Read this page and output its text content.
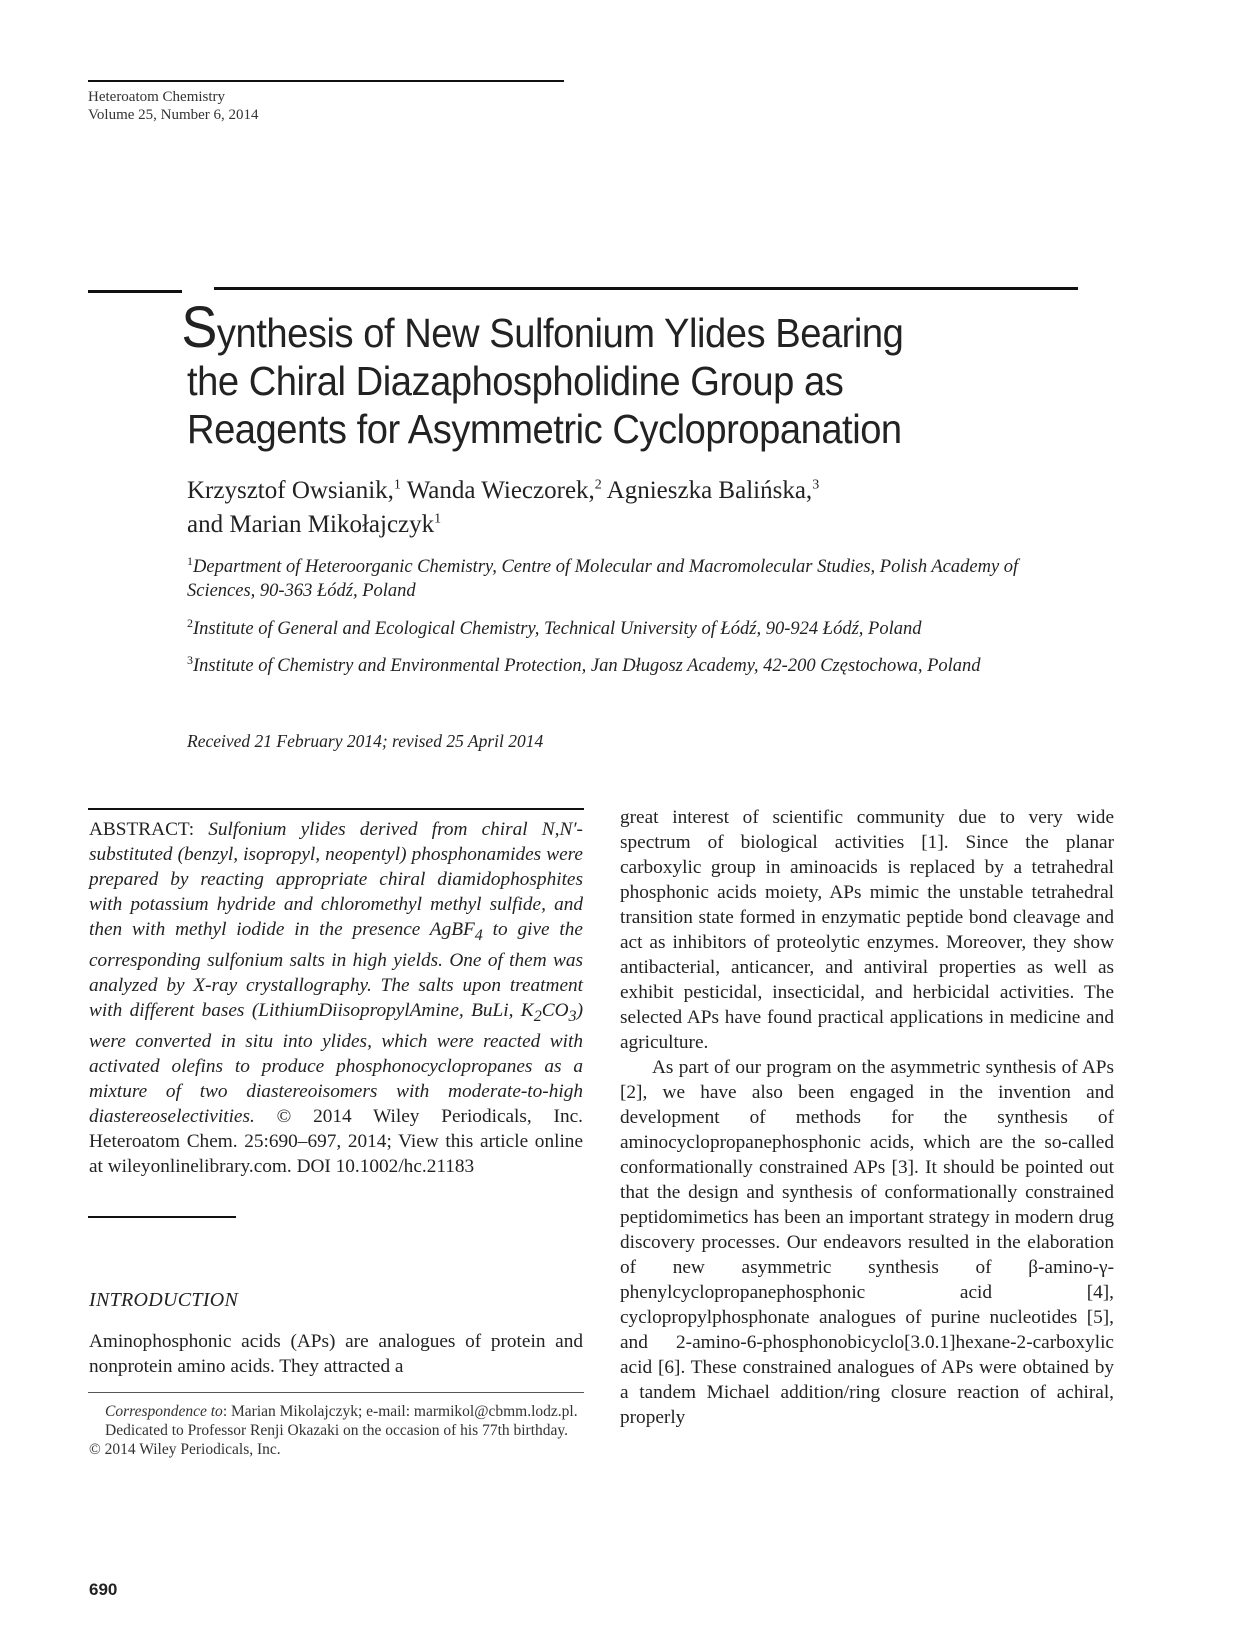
Heteroatom Chemistry
Volume 25, Number 6, 2014
Synthesis of New Sulfonium Ylides Bearing
the Chiral Diazaphospholidine Group as
Reagents for Asymmetric Cyclopropanation
Krzysztof Owsianik,$^1$ Wanda Wieczorek,$^2$ Agnieszka Balińska,$^3$
and Marian Mikołajczyk$^1$
$^1$Department of Heteroorganic Chemistry, Centre of Molecular and Macromolecular Studies, Polish Academy of Sciences, 90-363 Łódź, Poland
$^2$Institute of General and Ecological Chemistry, Technical University of Łódź, 90-924 Łódź, Poland
$^3$Institute of Chemistry and Environmental Protection, Jan Długosz Academy, 42-200 Częstochowa, Poland
Received 21 February 2014; revised 25 April 2014
ABSTRACT: Sulfonium ylides derived from chiral N,N′-substituted (benzyl, isopropyl, neopentyl) phosphonamides were prepared by reacting appropriate chiral diamidophosphites with potassium hydride and chloromethyl methyl sulfide, and then with methyl iodide in the presence AgBF$_4$ to give the corresponding sulfonium salts in high yields. One of them was analyzed by X-ray crystallography. The salts upon treatment with different bases (LithiumDiisopropylAmine, BuLi, $K_2CO_3$) were converted in situ into ylides, which were reacted with activated olefins to produce phosphonocyclopropanes as a mixture of two diastereoisomers with moderate-to-high diastereoselectivities. © 2014 Wiley Periodicals, Inc. Heteroatom Chem. 25:690–697, 2014; View this article online at wileyonlinelibrary.com. DOI 10.1002/hc.21183
INTRODUCTION
Aminophosphonic acids (APs) are analogues of protein and nonprotein amino acids. They attracted a

Correspondence to: Marian Mikolajczyk; e-mail: marmikol@cbmm.lodz.pl.

Dedicated to Professor Renji Okazaki on the occasion of his 77th birthday.

© 2014 Wiley Periodicals, Inc.

great interest of scientific community due to very wide spectrum of biological activities [1]. Since the planar carboxylic group in aminoacids is replaced by a tetrahedral phosphonic acids moiety, APs mimic the unstable tetrahedral transition state formed in enzymatic peptide bond cleavage and act as inhibitors of proteolytic enzymes. Moreover, they show antibacterial, anticancer, and antiviral properties as well as exhibit pesticidal, insecticidal, and herbicidal activities. The selected APs have found practical applications in medicine and agriculture.

As part of our program on the asymmetric synthesis of APs [2], we have also been engaged in the invention and development of methods for the synthesis of aminocyclopropanephosphonic acids, which are the so-called conformationally constrained APs [3]. It should be pointed out that the design and synthesis of conformationally constrained peptidomimetics has been an important strategy in modern drug discovery processes. Our endeavors resulted in the elaboration of new asymmetric synthesis of β-amino-γ-phenylcyclopropanephosphonic acid [4], cyclopropylphosphonate analogues of purine nucleotides [5], and 2-amino-6-phosphonobicyclo[3.0.1]hexane-2-carboxylic acid [6]. These constrained analogues of APs were obtained by a tandem Michael addition/ring closure reaction of achiral, properly

690
